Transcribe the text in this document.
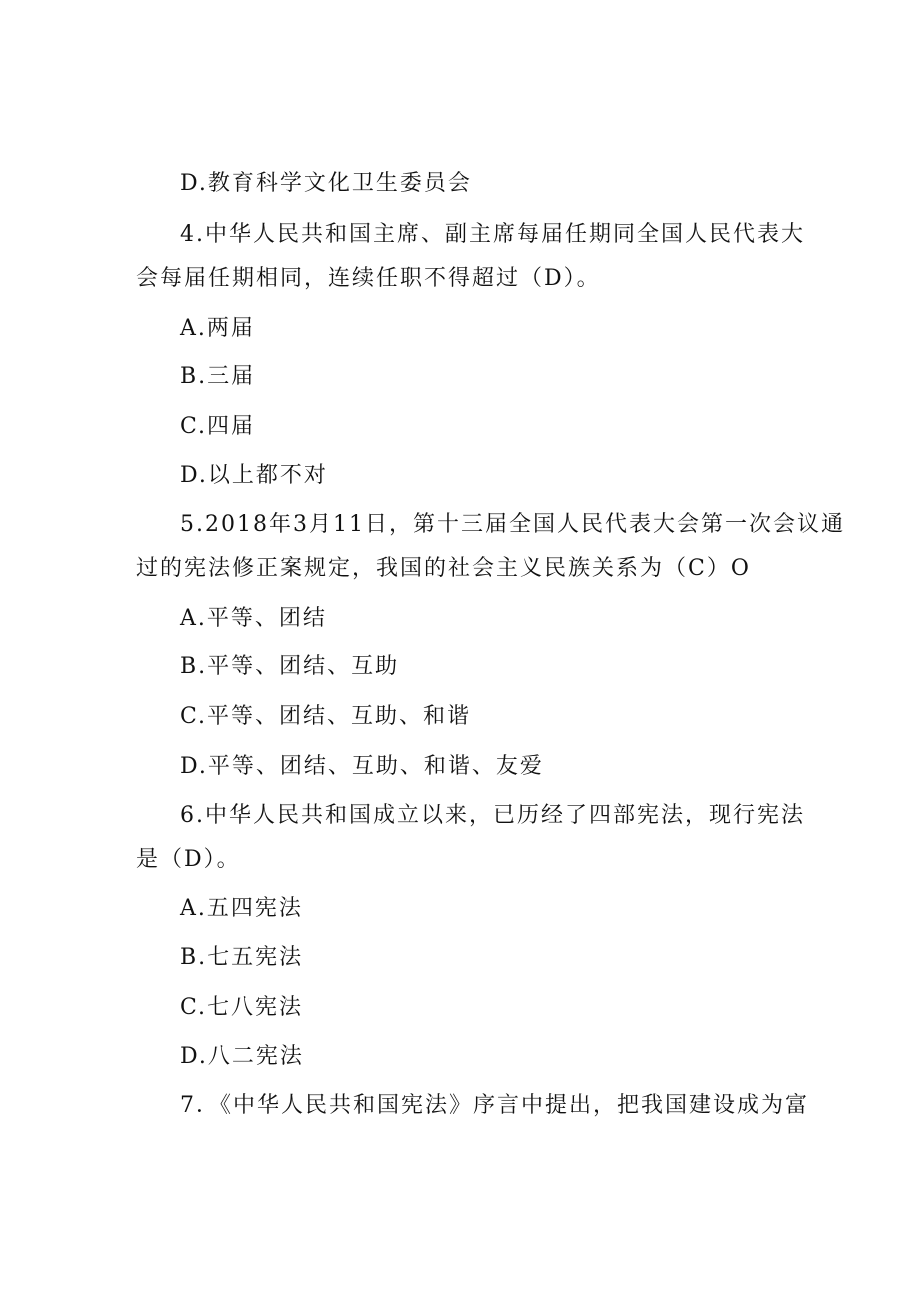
D.教育科学文化卫生委员会
4.中华人民共和国主席、副主席每届任期同全国人民代表大
会每届任期相同，连续任职不得超过（D）。
A.两届
B.三届
C.四届
D.以上都不对
5.2018年3月11日，第十三届全国人民代表大会第一次会议通
过的宪法修正案规定，我国的社会主义民族关系为（C）O
A.平等、团结
B.平等、团结、互助
C.平等、团结、互助、和谐
D.平等、团结、互助、和谐、友爱
6.中华人民共和国成立以来，已历经了四部宪法，现行宪法
是（D）。
A.五四宪法
B.七五宪法
C.七八宪法
D.八二宪法
7．《中华人民共和国宪法》序言中提出，把我国建设成为富
